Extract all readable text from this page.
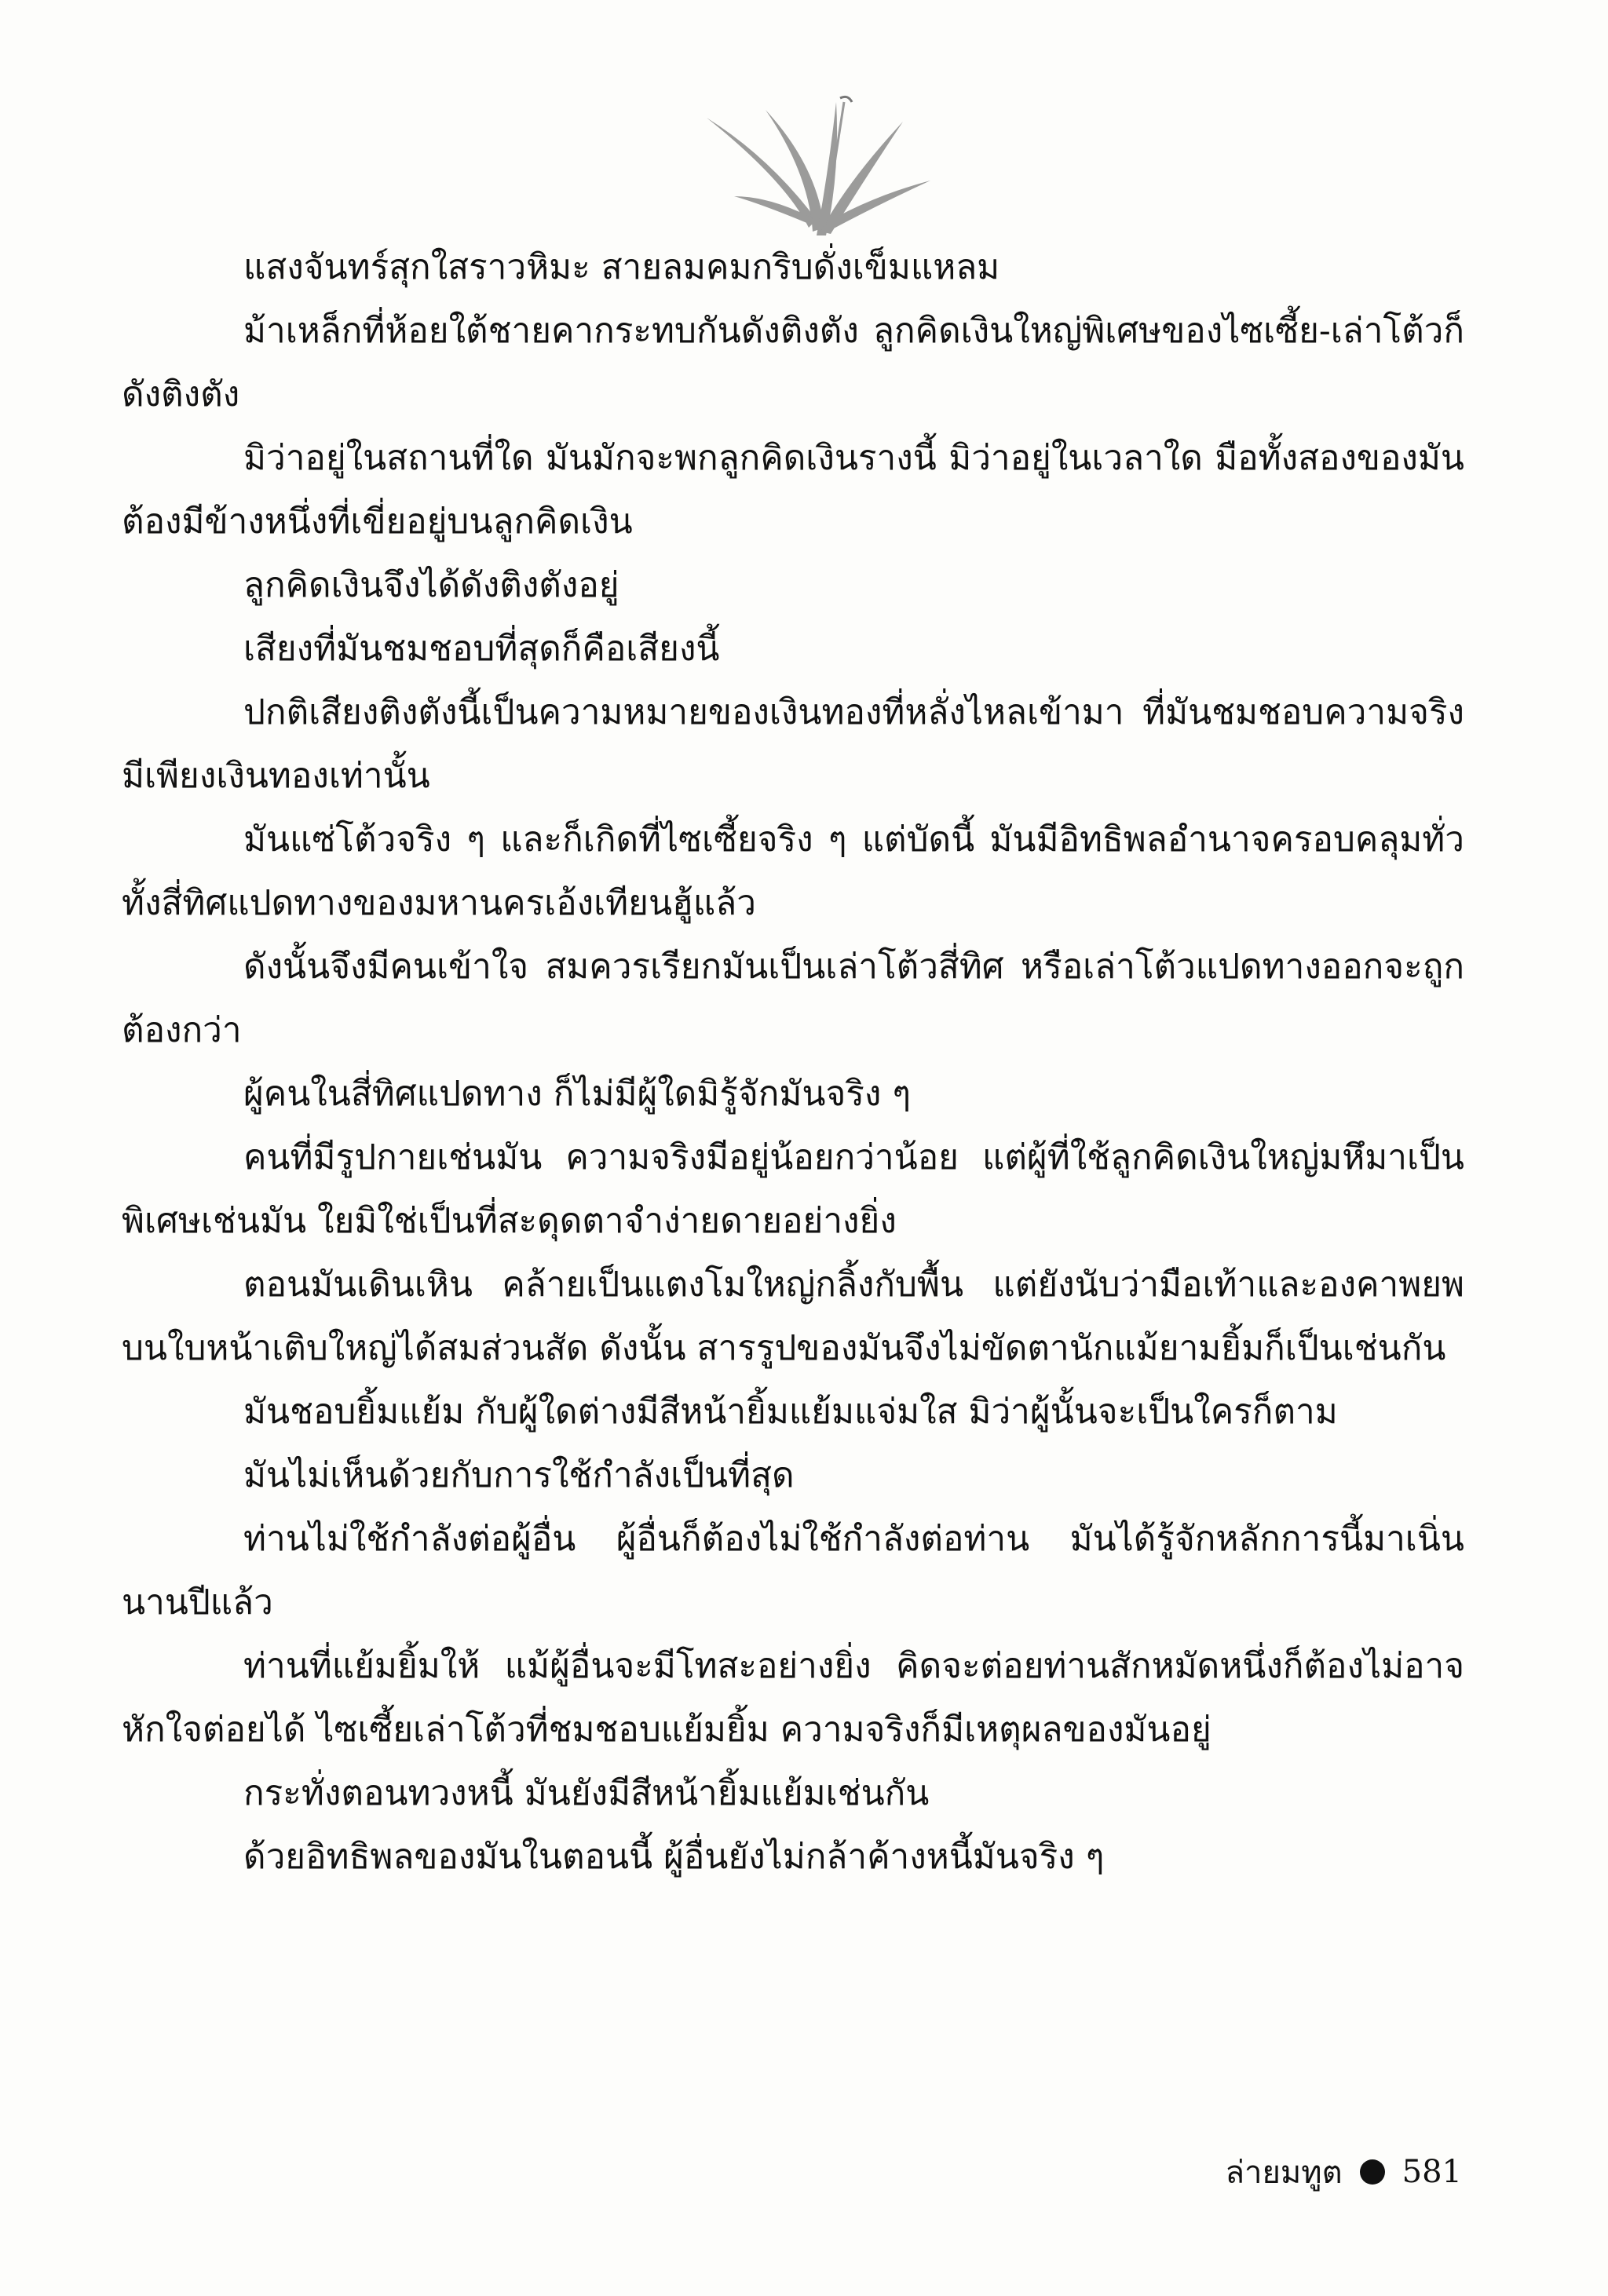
แสงจันทร์สุกใสราวหิมะ สายลมคมกริบดั่งเข็มแหลม

ม้าเหล็กที่ห้อยใต้ชายคากระทบกันดังติงตัง ลูกคิดเงินใหญ่พิเศษของไซเซี้ย-เล่าโต้วก็ดังติงตัง

มิว่าอยู่ในสถานที่ใด มันมักจะพกลูกคิดเงินรางนี้ มิว่าอยู่ในเวลาใด มือทั้งสองของมันต้องมีข้างหนึ่งที่เขี่ยอยู่บนลูกคิดเงิน

ลูกคิดเงินจึงได้ดังติงตังอยู่

เสียงที่มันชมชอบที่สุดก็คือเสียงนี้

ปกติเสียงติงตังนี้เป็นความหมายของเงินทองที่หลั่งไหลเข้ามา ที่มันชมชอบความจริงมีเพียงเงินทองเท่านั้น

มันแซ่โต้วจริง ๆ และก็เกิดที่ไซเซี้ยจริง ๆ แต่บัดนี้ มันมีอิทธิพลอำนาจครอบคลุมทั่วทั้งสี่ทิศแปดทางของมหานครเอ้งเทียนฮู้แล้ว

ดังนั้นจึงมีคนเข้าใจ สมควรเรียกมันเป็นเล่าโต้วสี่ทิศ หรือเล่าโต้วแปดทางออกจะถูกต้องกว่า

ผู้คนในสี่ทิศแปดทาง ก็ไม่มีผู้ใดมิรู้จักมันจริง ๆ

คนที่มีรูปกายเช่นมัน ความจริงมีอยู่น้อยกว่าน้อย แต่ผู้ที่ใช้ลูกคิดเงินใหญ่มหึมาเป็นพิเศษเช่นมัน ใยมิใช่เป็นที่สะดุดตาจำง่ายดายอย่างยิ่ง

ตอนมันเดินเหิน คล้ายเป็นแตงโมใหญ่กลิ้งกับพื้น แต่ยังนับว่ามือเท้าและองคาพยพบนใบหน้าเติบใหญ่ได้สมส่วนสัด ดังนั้น สารรูปของมันจึงไม่ขัดตานักแม้ยามยิ้มก็เป็นเช่นกัน

มันชอบยิ้มแย้ม กับผู้ใดต่างมีสีหน้ายิ้มแย้มแจ่มใส มิว่าผู้นั้นจะเป็นใครก็ตาม

มันไม่เห็นด้วยกับการใช้กำลังเป็นที่สุด

ท่านไม่ใช้กำลังต่อผู้อื่น ผู้อื่นก็ต้องไม่ใช้กำลังต่อท่าน มันได้รู้จักหลักการนี้มาเนิ่นนานปีแล้ว

ท่านที่แย้มยิ้มให้ แม้ผู้อื่นจะมีโทสะอย่างยิ่ง คิดจะต่อยท่านสักหมัดหนึ่งก็ต้องไม่อาจหักใจต่อยได้ ไซเซี้ยเล่าโต้วที่ชมชอบแย้มยิ้ม ความจริงก็มีเหตุผลของมันอยู่

กระทั่งตอนทวงหนี้ มันยังมีสีหน้ายิ้มแย้มเช่นกัน

ด้วยอิทธิพลของมันในตอนนี้ ผู้อื่นยังไม่กล้าค้างหนี้มันจริง ๆ

ล่ายมทูต 581
